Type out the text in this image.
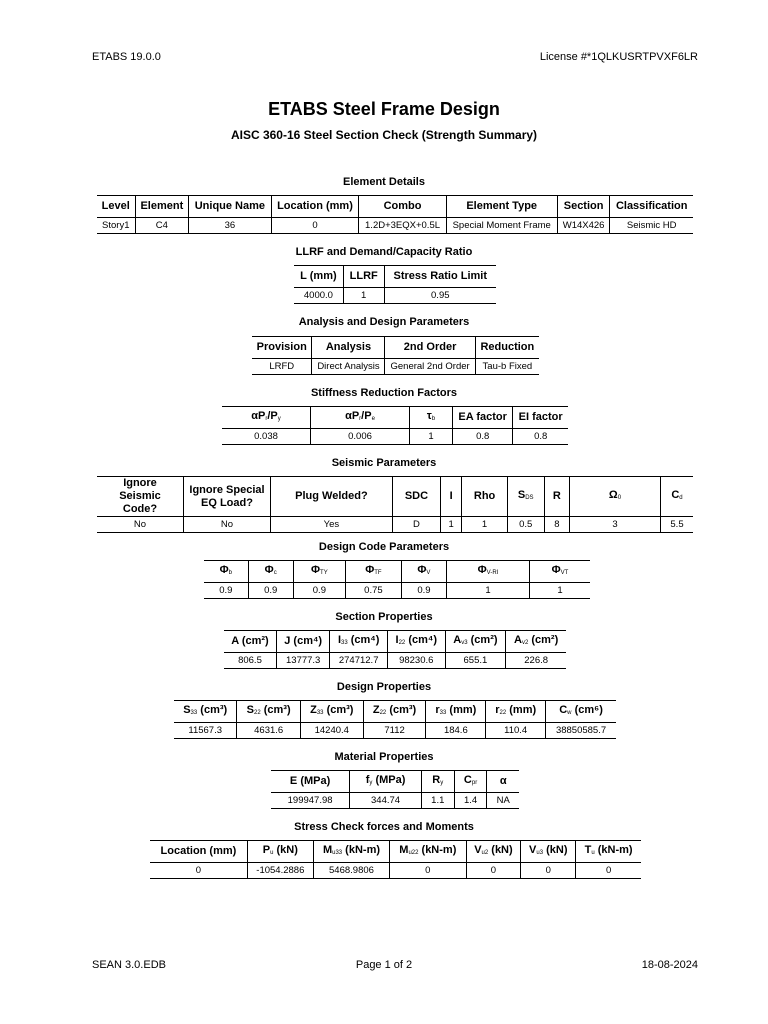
ETABS 19.0.0	License #*1QLKUSRTPVXF6LR
ETABS Steel Frame Design
AISC 360-16 Steel Section Check (Strength Summary)
Element Details
Level	Element	Unique Name	Location (mm)	Combo	Element Type	Section	Classification
Story1	C4	36	0	1.2D+3EQX+0.5L	Special Moment Frame	W14X426	Seismic HD
LLRF and Demand/Capacity Ratio
L (mm)	LLRF	Stress Ratio Limit
4000.0	1	0.95
Analysis and Design Parameters
Provision	Analysis	2nd Order	Reduction
LRFD	Direct Analysis	General 2nd Order	Tau-b Fixed
Stiffness Reduction Factors
$\alpha P_r/P_y$	$\alpha P_r/P_e$	$\tau_b$	EA factor	EI factor
0.038	0.006	1	0.8	0.8
Seismic Parameters
Ignore Seismic Code?	Ignore Special EQ Load?	Plug Welded?	SDC	I	Rho	$S_{DS}$	R	$\Omega_0$	$C_d$
No	No	Yes	D	1	1	0.5	8	3	5.5
Design Code Parameters
$\Phi_b$	$\Phi_c$	$\Phi_{TY}$	$\Phi_{TF}$	$\Phi_V$	$\Phi_{V-RI}$	$\Phi_{VT}$
0.9	0.9	0.9	0.75	0.9	1	1
Section Properties
A (cm²)	J (cm⁴)	$I_{33}$ (cm⁴)	$I_{22}$ (cm⁴)	$A_{v3}$ (cm²)	$A_{v2}$ (cm²)
806.5	13777.3	274712.7	98230.6	655.1	226.8
Design Properties
$S_{33}$ (cm³)	$S_{22}$ (cm³)	$Z_{33}$ (cm³)	$Z_{22}$ (cm³)	$r_{33}$ (mm)	$r_{22}$ (mm)	$C_w$ (cm⁶)
11567.3	4631.6	14240.4	7112	184.6	110.4	38850585.7
Material Properties
E (MPa)	$f_y$ (MPa)	$R_y$	$C_{pr}$	α
199947.98	344.74	1.1	1.4	NA
Stress Check forces and Moments
Location (mm)	$P_u$ (kN)	$M_{u33}$ (kN-m)	$M_{u22}$ (kN-m)	$V_{u2}$ (kN)	$V_{u3}$ (kN)	$T_u$ (kN-m)
0	-1054.2886	5468.9806	0	0	0	0
SEAN 3.0.EDB	Page 1 of 2	18-08-2024
